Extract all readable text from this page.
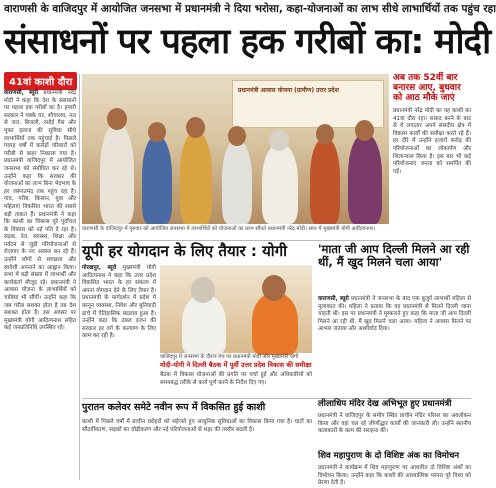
वाराणसी के वाजिदपुर में आयोजित जनसभा में प्रधानमंत्री ने दिया भरोसा, कहा-योजनाओं का लाभ सीधे लाभार्थियों तक पहुंच रहा
संसाधनों पर पहला हक गरीबों का: मोदी
41वां काशी दौरा
वाराणसी, ब्यूरो प्रधानमंत्री नरेंद्र मोदी ने कहा कि देश के संसाधनों पर पहला हक गरीबों का है। हमारी सरकार ने पक्के घर, शौचालय, नल से जल, बिजली, रसोई गैस और मुफ्त इलाज की सुविधा सीधे लाभार्थियों तक पहुंचाई है। पिछले ग्यारह वर्षों में करोड़ों परिवारों को गरीबी से बाहर निकाला गया है। प्रधानमंत्री वाजिदपुर में आयोजित जनसभा को संबोधित कर रहे थे। उन्होंने कहा कि सरकार की योजनाओं का लाभ बिना भेदभाव के हर जरूरतमंद तक पहुंच रहा है। गांव, गरीब, किसान, युवा और महिलाएं विकसित भारत की सबसे बड़ी ताकत हैं। प्रधानमंत्री ने कहा कि काशी का विकास पूरे पूर्वांचल के विकास को नई गति दे रहा है। सड़क, रेल, स्वास्थ्य, शिक्षा और पर्यटन से जुड़ी परियोजनाओं से रोजगार के नए अवसर बन रहे हैं। उन्होंने लोगों से स्वच्छता और स्वदेशी अपनाने का आह्वान किया। सभा में बड़ी संख्या में लाभार्थी और कार्यकर्ता मौजूद रहे। प्रधानमंत्री ने आवास योजना के लाभार्थियों को चाबियां भी सौंपीं। उन्होंने कहा कि जब गरीब सशक्त होता है तब देश सशक्त होता है। इस अवसर पर मुख्यमंत्री योगी आदित्यनाथ सहित कई जनप्रतिनिधि उपस्थित रहे।
प्रधानमंत्री आवास योजना (ग्रामीण) उत्तर प्रदेश
वाराणसी के वाजिदपुर में गुरुवार को आयोजित जनसभा में लाभार्थियों को योजनाओं का लाभ सौंपते प्रधानमंत्री नरेंद्र मोदी। साथ में मुख्यमंत्री योगी आदित्यनाथ।
अब तक 52वीं बार बनारस आए, बुधवार को आठ मौके जाएं
प्रधानमंत्री नरेंद्र मोदी का यह काशी का 41वां दौरा रहा। सांसद बनने के बाद से वे लगातार अपने संसदीय क्षेत्र में विकास कार्यों की समीक्षा करते रहे हैं। हर दौरे में उन्होंने हजारों करोड़ की परियोजनाओं का लोकार्पण और शिलान्यास किया है। इस बार भी कई परियोजनाएं जनता को समर्पित की गईं।
यूपी हर योगदान के लिए तैयार : योगी
गोरखपुर, ब्यूरो मुख्यमंत्री योगी आदित्यनाथ ने कहा कि उत्तर प्रदेश विकसित भारत के हर संकल्प में अपना योगदान देने के लिए तैयार है। प्रधानमंत्री के मार्गदर्शन में प्रदेश में कानून व्यवस्था, निवेश और बुनियादी ढांचे में ऐतिहासिक बदलाव हुआ है। उन्होंने कहा कि डबल इंजन की सरकार हर वर्ग के कल्याण के लिए काम कर रही है।
वाजिदपुर में जनसभा के दौरान मंच पर प्रधानमंत्री मोदी और मुख्यमंत्री योगी
मोदी-योगी ने दिल्ली बैठक में पूर्वी उत्तर प्रदेश विकास की समीक्षा
बैठक में विकास योजनाओं की प्रगति पर चर्चा हुई और अधिकारियों को समयबद्ध तरीके से कार्य पूर्ण करने के निर्देश दिए गए।
'माता जी आप दिल्ली मिलने आ रही थीं, मैं खुद मिलने चला आया'
वाराणसी, ब्यूरो प्रधानमंत्री ने जनसभा के बाद एक बुजुर्ग लाभार्थी महिला से मुलाकात की। महिला ने बताया कि वह प्रधानमंत्री से मिलने दिल्ली जाना चाहती थीं। इस पर प्रधानमंत्री ने मुस्कराते हुए कहा कि माता जी आप दिल्ली मिलने आ रही थीं, मैं खुद मिलने चला आया। महिला ने आवास मिलने पर आभार जताया और आशीर्वाद दिया।
लीलाधिप मंदिर देख अभिभूत हुए प्रधानमंत्री
प्रधानमंत्री ने वाजिदपुर के समीप स्थित प्राचीन मंदिर परिसर का अवलोकन किया और वहां चल रहे जीर्णोद्धार कार्यों की जानकारी ली। उन्होंने स्थानीय कलाकारों के काम की सराहना की।
पुरातन कलेवर समेटे नवीन रूप में विकसित हुई काशी
काशी में पिछले वर्षों में प्राचीन धरोहरों को सहेजते हुए आधुनिक सुविधाओं का विकास किया गया है। घाटों का सौंदर्यीकरण, सड़कों का चौड़ीकरण और नई परियोजनाओं से शहर की तस्वीर बदली है।
शिव महापुराण के दो विशिष्ट अंक का विमोचन
प्रधानमंत्री ने कार्यक्रम में शिव महापुराण पर आधारित दो विशिष्ट अंकों का विमोचन किया। उन्होंने कहा कि काशी की आध्यात्मिक परंपरा पूरे विश्व को प्रेरणा देती है।
